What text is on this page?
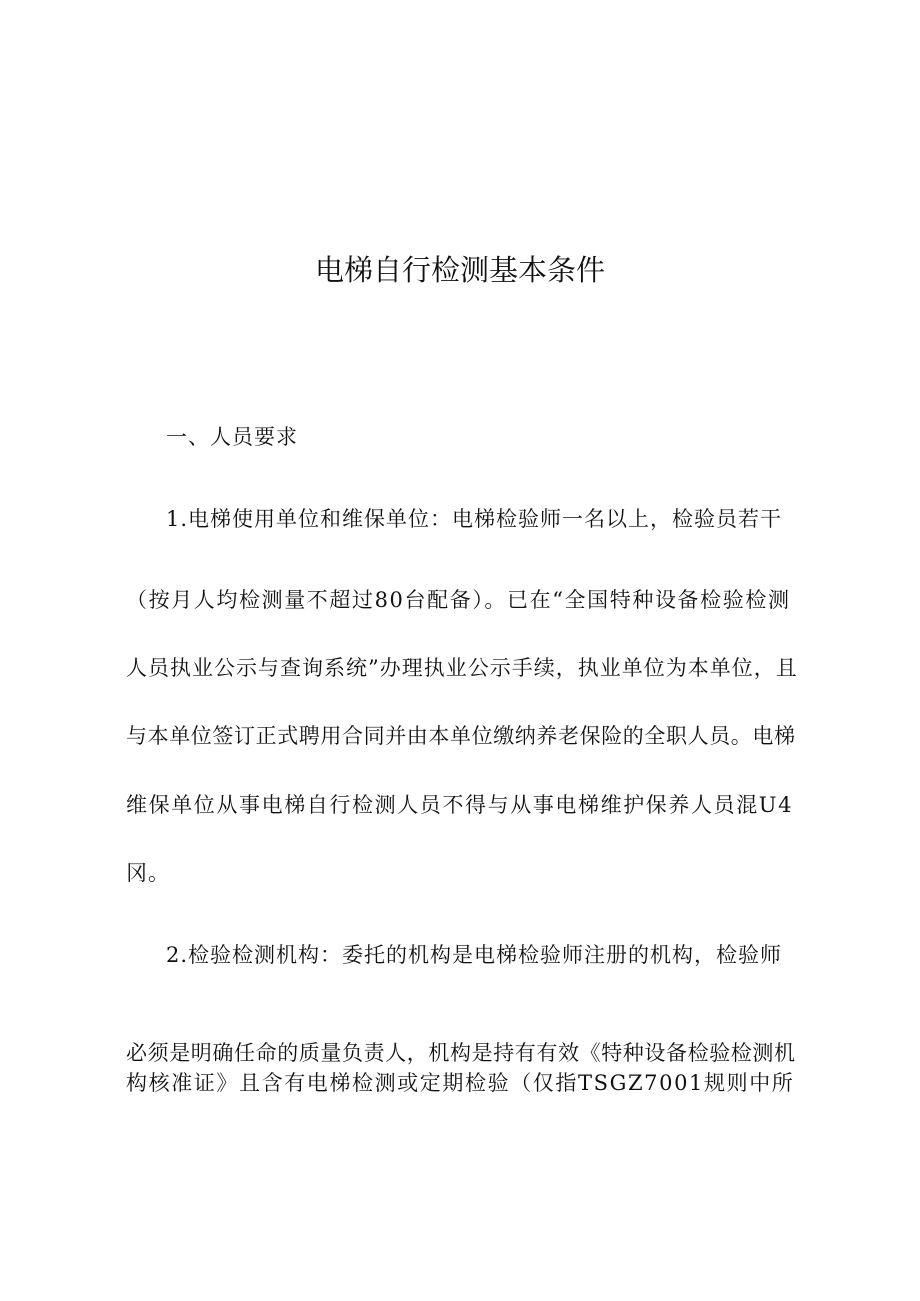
电梯自行检测基本条件

一、人员要求

1.电梯使用单位和维保单位：电梯检验师一名以上，检验员若干

（按月人均检测量不超过80台配备）。已在“全国特种设备检验检测

人员执业公示与查询系统”办理执业公示手续，执业单位为本单位，且

与本单位签订正式聘用合同并由本单位缴纳养老保险的全职人员。电梯

维保单位从事电梯自行检测人员不得与从事电梯维护保养人员混U4

冈。

2.检验检测机构：委托的机构是电梯检验师注册的机构，检验师

必须是明确任命的质量负责人，机构是持有有效《特种设备检验检测机

构核准证》且含有电梯检测或定期检验（仅指TSGZ7001规则中所
